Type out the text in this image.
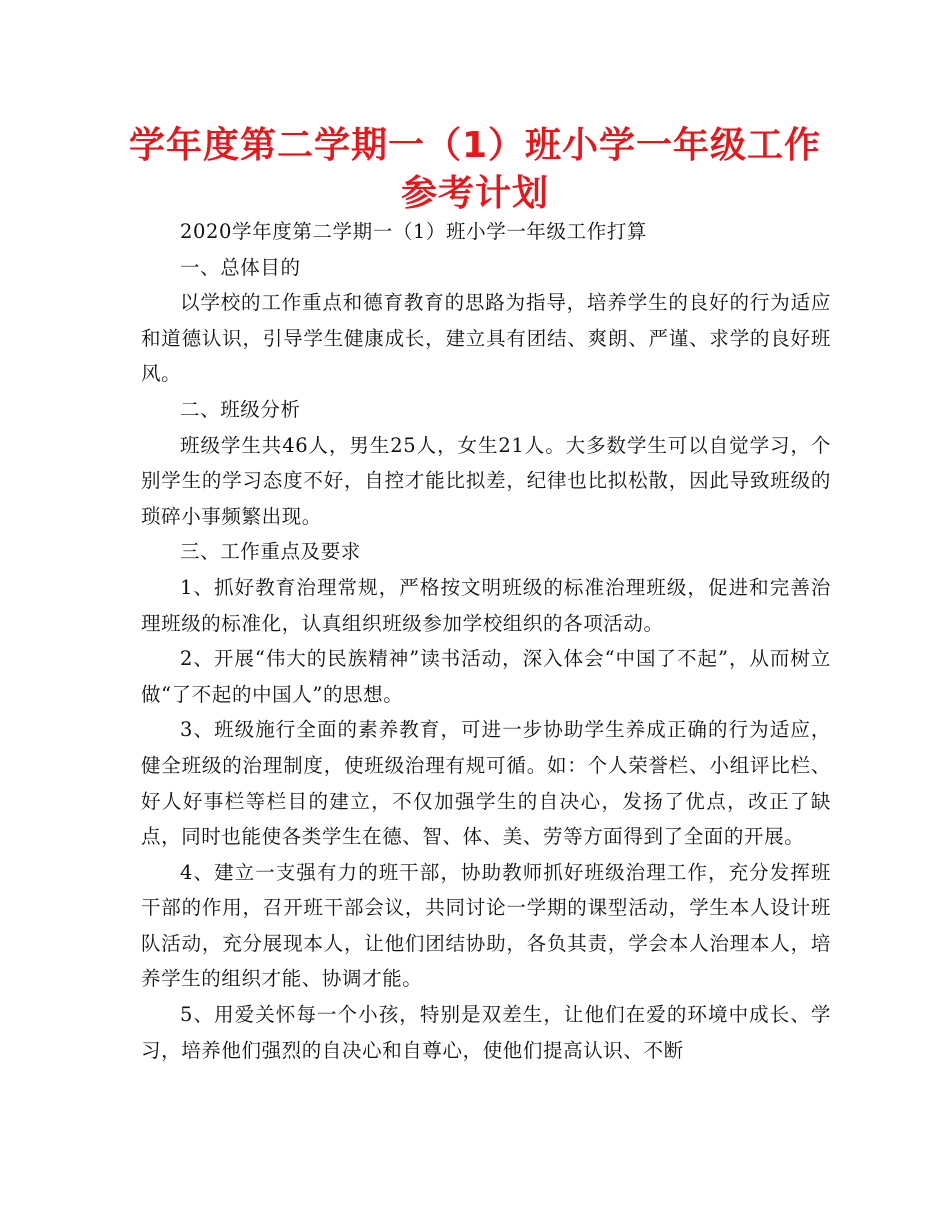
学年度第二学期一（1）班小学一年级工作
参考计划

2020学年度第二学期一（1）班小学一年级工作打算

一、总体目的

以学校的工作重点和德育教育的思路为指导，培养学生的良好的行为适应和道德认识，引导学生健康成长，建立具有团结、爽朗、严谨、求学的良好班风。

二、班级分析

班级学生共46人，男生25人，女生21人。大多数学生可以自觉学习，个别学生的学习态度不好，自控才能比拟差，纪律也比拟松散，因此导致班级的琐碎小事频繁出现。

三、工作重点及要求

1、抓好教育治理常规，严格按文明班级的标准治理班级，促进和完善治理班级的标准化，认真组织班级参加学校组织的各项活动。

2、开展“伟大的民族精神”读书活动，深入体会“中国了不起”，从而树立做“了不起的中国人”的思想。

3、班级施行全面的素养教育，可进一步协助学生养成正确的行为适应，健全班级的治理制度，使班级治理有规可循。如：个人荣誉栏、小组评比栏、好人好事栏等栏目的建立，不仅加强学生的自决心，发扬了优点，改正了缺点，同时也能使各类学生在德、智、体、美、劳等方面得到了全面的开展。

4、建立一支强有力的班干部，协助教师抓好班级治理工作，充分发挥班干部的作用，召开班干部会议，共同讨论一学期的课型活动，学生本人设计班队活动，充分展现本人，让他们团结协助，各负其责，学会本人治理本人，培养学生的组织才能、协调才能。

5、用爱关怀每一个小孩，特别是双差生，让他们在爱的环境中成长、学习，培养他们强烈的自决心和自尊心，使他们提高认识、不断
